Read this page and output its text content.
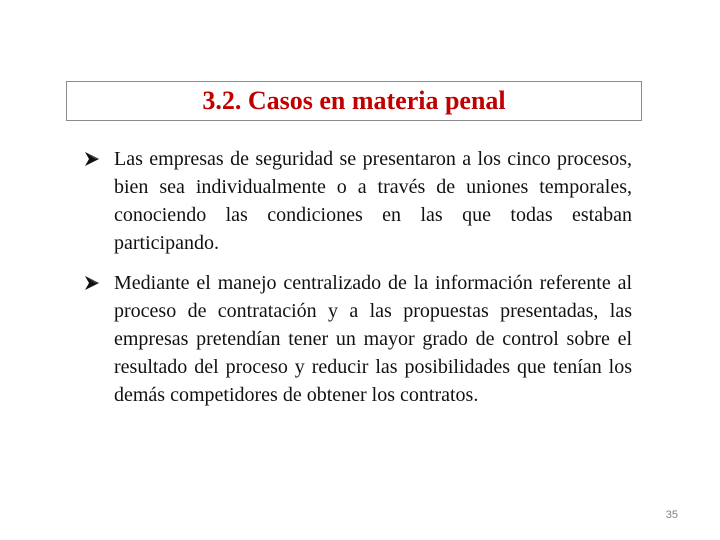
3.2. Casos en materia penal
Las empresas de seguridad se presentaron a los cinco procesos, bien sea individualmente o a través de uniones temporales, conociendo las condiciones en las que todas estaban participando.
Mediante el manejo centralizado de la información referente al proceso de contratación y a las propuestas presentadas, las empresas pretendían tener un mayor grado de control sobre el resultado del proceso y reducir las posibilidades que tenían los demás competidores de obtener los contratos.
35
